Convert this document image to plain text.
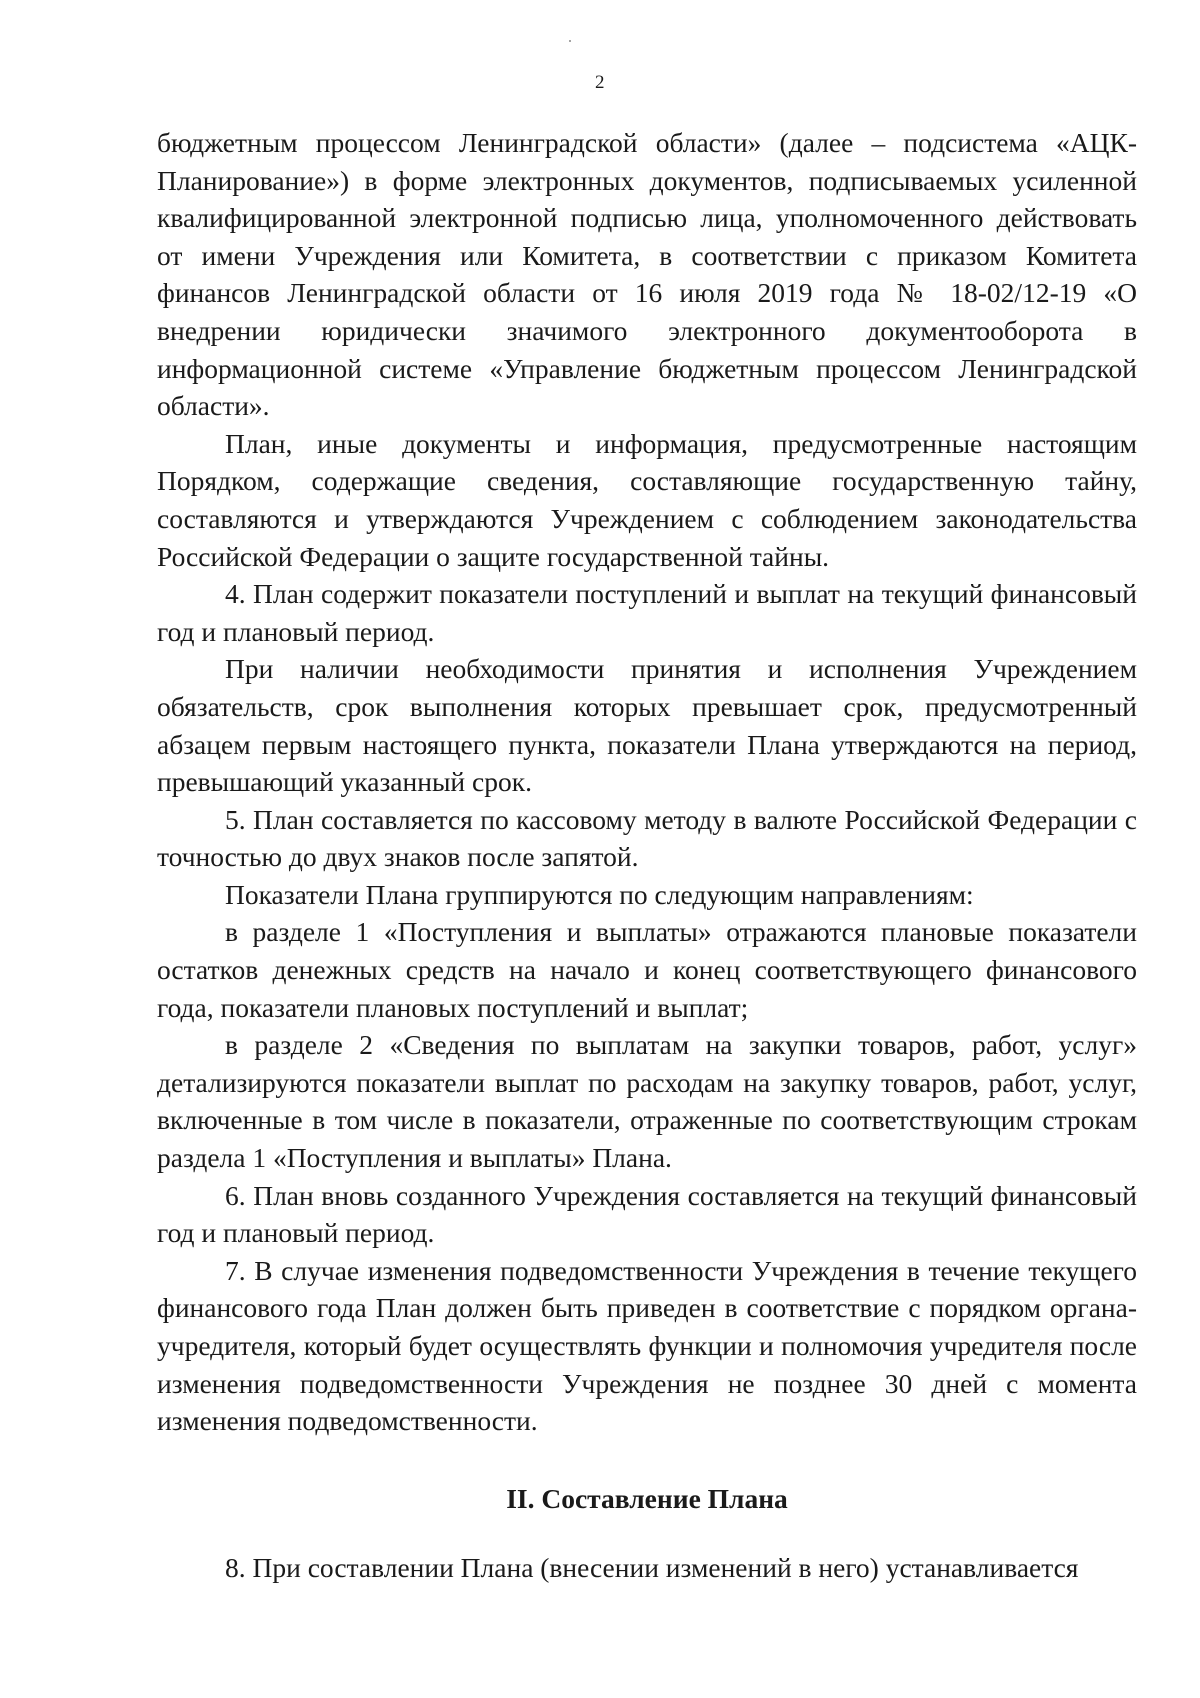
2

бюджетным процессом Ленинградской области» (далее – подсистема «АЦК-Планирование») в форме электронных документов, подписываемых усиленной квалифицированной электронной подписью лица, уполномоченного действовать от имени Учреждения или Комитета, в соответствии с приказом Комитета финансов Ленинградской области от 16 июля 2019 года № 18-02/12-19 «О внедрении юридически значимого электронного документооборота в информационной системе «Управление бюджетным процессом Ленинградской области».

План, иные документы и информация, предусмотренные настоящим Порядком, содержащие сведения, составляющие государственную тайну, составляются и утверждаются Учреждением с соблюдением законодательства Российской Федерации о защите государственной тайны.

4. План содержит показатели поступлений и выплат на текущий финансовый год и плановый период.

При наличии необходимости принятия и исполнения Учреждением обязательств, срок выполнения которых превышает срок, предусмотренный абзацем первым настоящего пункта, показатели Плана утверждаются на период, превышающий указанный срок.

5. План составляется по кассовому методу в валюте Российской Федерации с точностью до двух знаков после запятой.

Показатели Плана группируются по следующим направлениям:

в разделе 1 «Поступления и выплаты» отражаются плановые показатели остатков денежных средств на начало и конец соответствующего финансового года, показатели плановых поступлений и выплат;

в разделе 2 «Сведения по выплатам на закупки товаров, работ, услуг» детализируются показатели выплат по расходам на закупку товаров, работ, услуг, включенные в том числе в показатели, отраженные по соответствующим строкам раздела 1 «Поступления и выплаты» Плана.

6. План вновь созданного Учреждения составляется на текущий финансовый год и плановый период.

7. В случае изменения подведомственности Учреждения в течение текущего финансового года План должен быть приведен в соответствие с порядком органа-учредителя, который будет осуществлять функции и полномочия учредителя после изменения подведомственности Учреждения не позднее 30 дней с момента изменения подведомственности.

II. Составление Плана

8. При составлении Плана (внесении изменений в него) устанавливается
